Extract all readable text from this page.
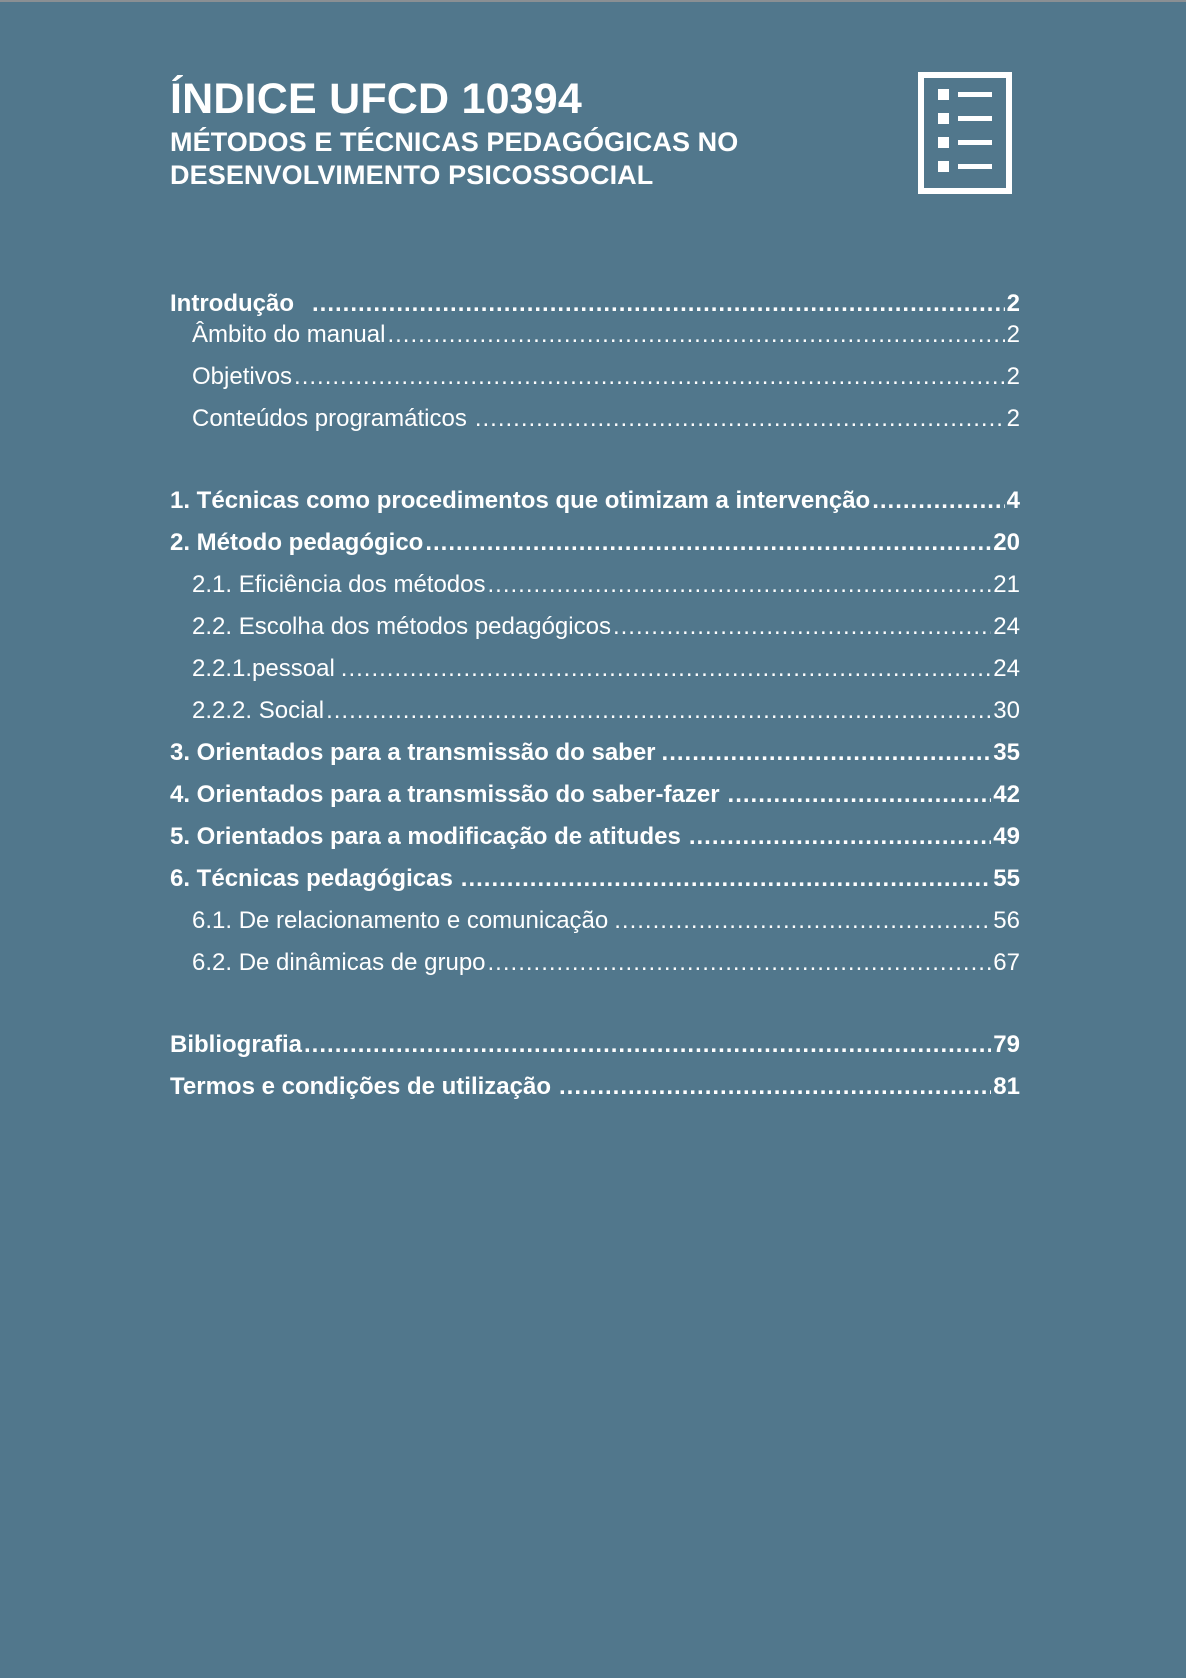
ÍNDICE UFCD 10394
MÉTODOS E TÉCNICAS PEDAGÓGICAS NO
DESENVOLVIMENTO PSICOSSOCIAL
Introdução .....	2
Âmbito do manual .....	2
Objetivos .....	2
Conteúdos programáticos .....	2
1. Técnicas como procedimentos que otimizam a intervenção .....	4
2. Método pedagógico .....	20
2.1. Eficiência dos métodos .....	21
2.2. Escolha dos métodos pedagógicos .....	24
2.2.1.pessoal .....	24
2.2.2. Social .....	30
3. Orientados para a transmissão do saber .....	35
4. Orientados para a transmissão do saber-fazer .....	42
5. Orientados para a modificação de atitudes .....	49
6. Técnicas pedagógicas .....	55
6.1. De relacionamento e comunicação .....	56
6.2. De dinâmicas de grupo .....	67
Bibliografia .....	79
Termos e condições de utilização .....	81
